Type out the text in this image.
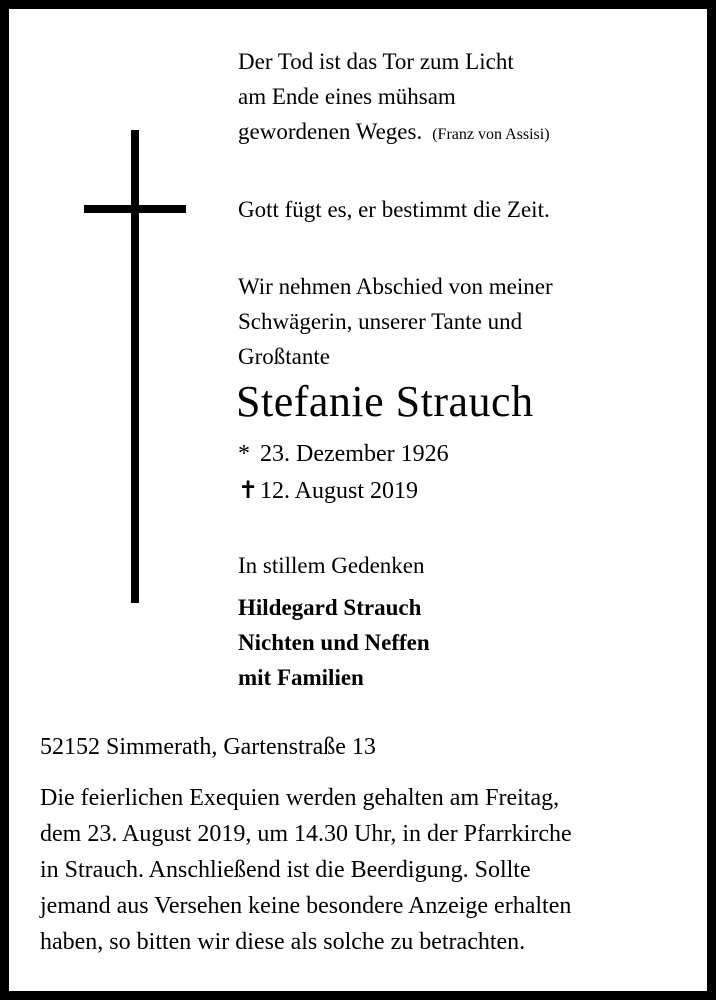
Der Tod ist das Tor zum Licht
am Ende eines mühsam
gewordenen Weges. (Franz von Assisi)
Gott fügt es, er bestimmt die Zeit.
Wir nehmen Abschied von meiner
Schwägerin, unserer Tante und
Großtante
Stefanie Strauch
* 23. Dezember 1926
✝12. August 2019
In stillem Gedenken
Hildegard Strauch
Nichten und Neffen
mit Familien
52152 Simmerath, Gartenstraße 13
Die feierlichen Exequien werden gehalten am Freitag,
dem 23. August 2019, um 14.30 Uhr, in der Pfarrkirche
in Strauch. Anschließend ist die Beerdigung. Sollte
jemand aus Versehen keine besondere Anzeige erhalten
haben, so bitten wir diese als solche zu betrachten.
